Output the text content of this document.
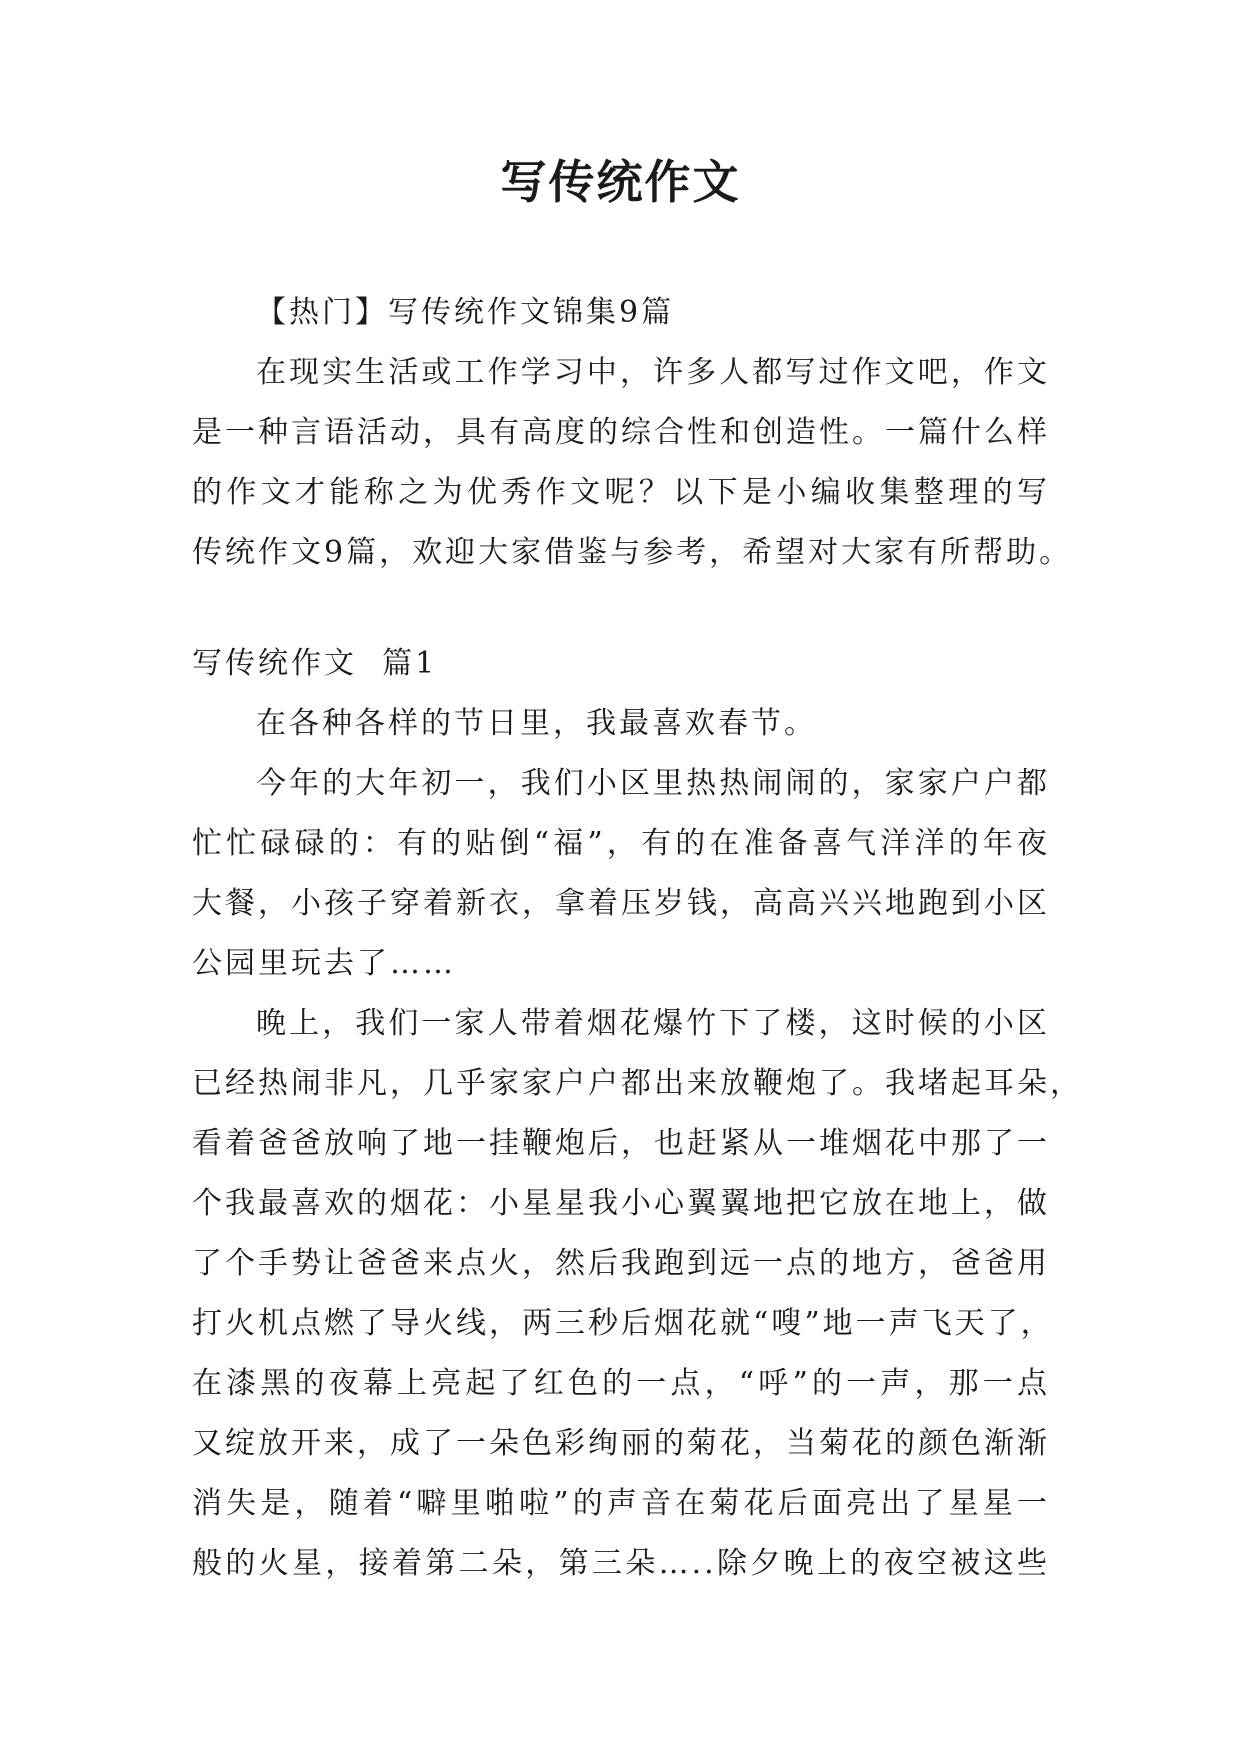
写传统作文
【热门】写传统作文锦集9篇
在现实生活或工作学习中，许多人都写过作文吧，作文
是一种言语活动，具有高度的综合性和创造性。一篇什么样
的作文才能称之为优秀作文呢？以下是小编收集整理的写
传统作文9篇，欢迎大家借鉴与参考，希望对大家有所帮助。
写传统作文  篇1
在各种各样的节日里，我最喜欢春节。
今年的大年初一，我们小区里热热闹闹的，家家户户都
忙忙碌碌的：有的贴倒“福”，有的在准备喜气洋洋的年夜
大餐，小孩子穿着新衣，拿着压岁钱，高高兴兴地跑到小区
公园里玩去了……
晚上，我们一家人带着烟花爆竹下了楼，这时候的小区
已经热闹非凡，几乎家家户户都出来放鞭炮了。我堵起耳朵，
看着爸爸放响了地一挂鞭炮后，也赶紧从一堆烟花中那了一
个我最喜欢的烟花：小星星我小心翼翼地把它放在地上，做
了个手势让爸爸来点火，然后我跑到远一点的地方，爸爸用
打火机点燃了导火线，两三秒后烟花就“嗖”地一声飞天了，
在漆黑的夜幕上亮起了红色的一点，“呼”的一声，那一点
又绽放开来，成了一朵色彩绚丽的菊花，当菊花的颜色渐渐
消失是，随着“噼里啪啦”的声音在菊花后面亮出了星星一
般的火星，接着第二朵，第三朵…..除夕晚上的夜空被这些
